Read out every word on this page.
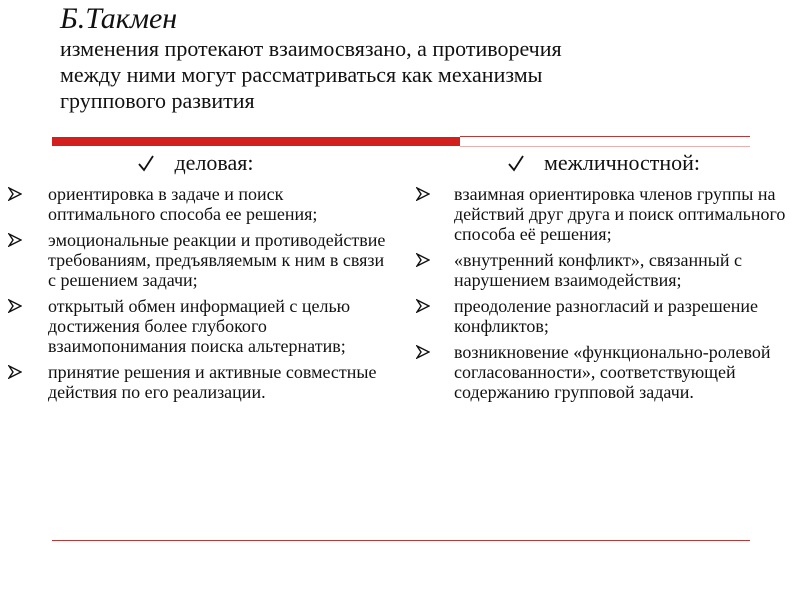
Б.Такмен

изменения протекают взаимосвязано, а противоречия

между ними могут рассматриваться как механизмы

группового развития

деловая:
ориентировка в задаче и поиск оптимального способа ее решения;
эмоциональные реакции и противодействие требованиям, предъявляемым к ним в связи с решением задачи;
открытый обмен информацией с целью достижения более глубокого взаимопонимания поиска альтернатив;
принятие решения и активные совместные действия по его реализации.
межличностной:
взаимная ориентировка членов группы на действий друг друга и поиск оптимального способа её решения;
«внутренний конфликт», связанный с нарушением взаимодействия;
преодоление разногласий и разрешение конфликтов;
возникновение «функционально-ролевой согласованности», соответствующей содержанию групповой задачи.
